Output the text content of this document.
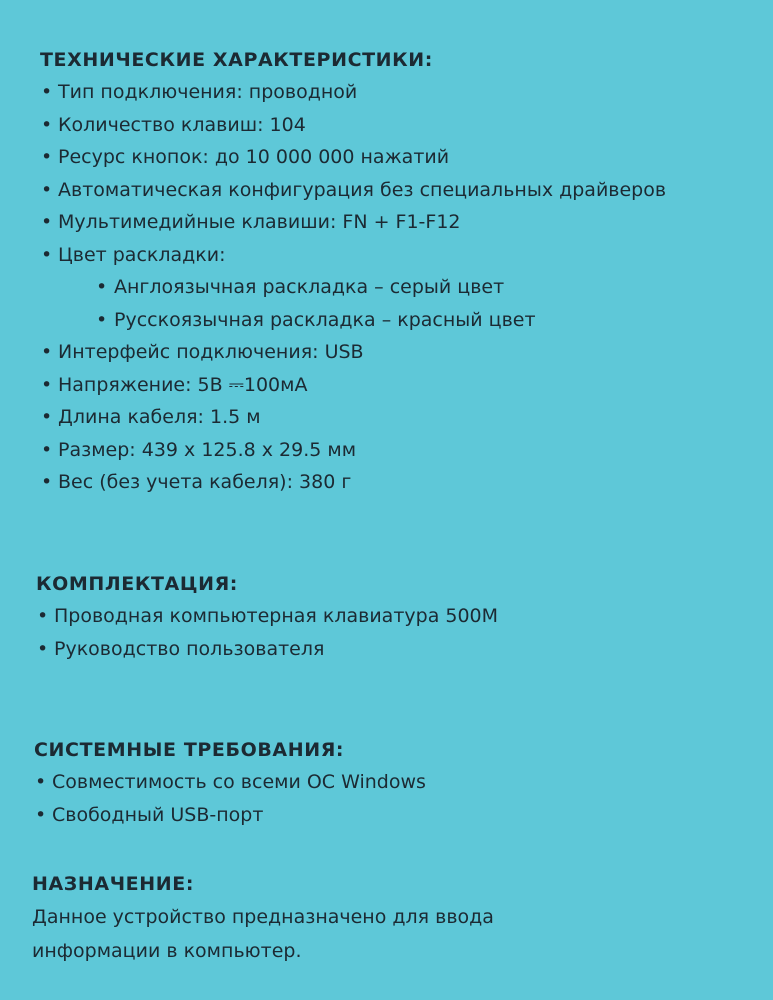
ТЕХНИЧЕСКИЕ ХАРАКТЕРИСТИКИ:
• Тип подключения: проводной
• Количество клавиш: 104
• Ресурс кнопок: до 10 000 000 нажатий
• Автоматическая конфигурация без специальных драйверов
• Мультимедийные клавиши: FN + F1-F12
• Цвет раскладки:
• Англоязычная раскладка – серый цвет
• Русскоязычная раскладка – красный цвет
• Интерфейс подключения: USB
• Напряжение: 5В ⎓100мА
• Длина кабеля: 1.5 м
• Размер: 439 x 125.8 x 29.5 мм
• Вес (без учета кабеля): 380 г
КОМПЛЕКТАЦИЯ:
• Проводная компьютерная клавиатура 500M
• Руководство пользователя
СИСТЕМНЫЕ ТРЕБОВАНИЯ:
• Совместимость со всеми ОС Windows
• Свободный USB-порт
НАЗНАЧЕНИЕ:

Данное устройство предназначено для ввода

информации в компьютер.
